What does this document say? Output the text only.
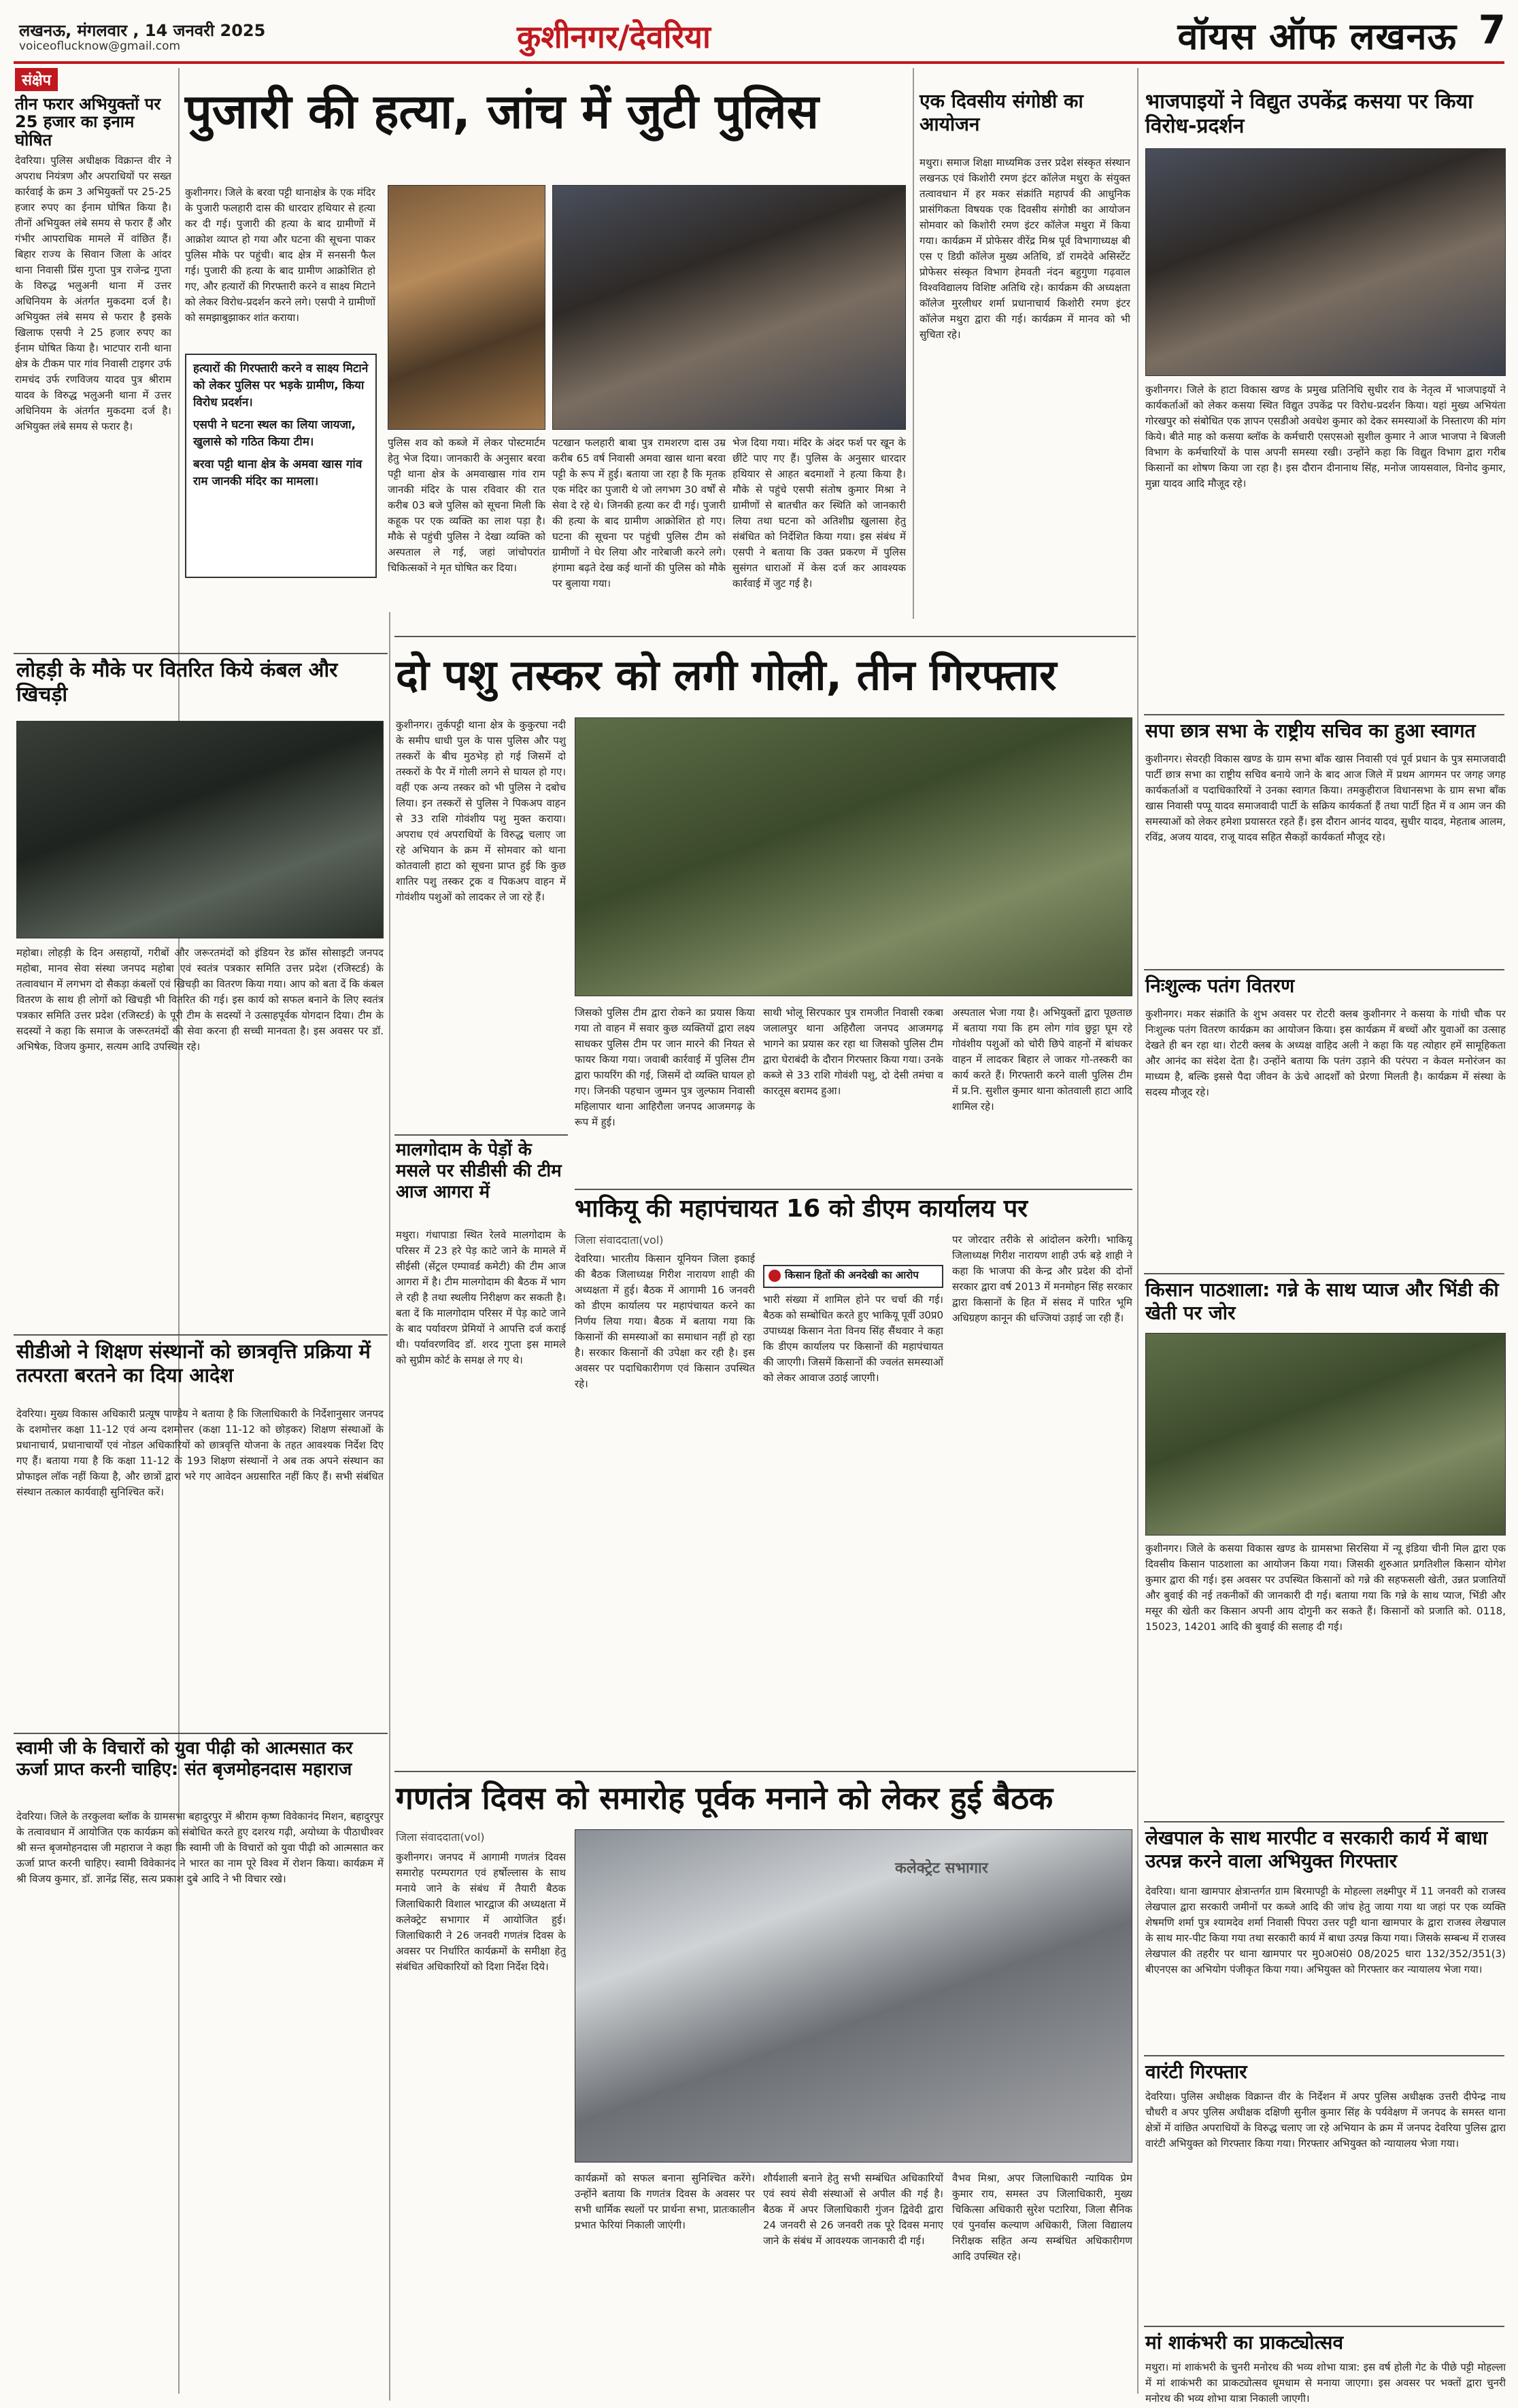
लखनऊ, मंगलवार , 14 जनवरी 2025
voiceoflucknow@gmail.com	कुशीनगर/देवरिया	वॉयस ऑफ लखनऊ 7
संक्षेप
तीन फरार अभियुक्तों पर 25 हजार का इनाम घोषित
देवरिया। पुलिस अधीक्षक विक्रान्त वीर ने अपराध नियंत्रण और अपराधियों पर सख्त कार्रवाई के क्रम 3 अभियुक्तों पर 25-25 हजार रुपए का ईनाम घोषित किया है। तीनों अभियुक्त लंबे समय से फरार हैं और गंभीर आपराधिक मामले में वांछित हैं। बिहार राज्य के सिवान जिला के आंदर थाना निवासी प्रिंस गुप्ता पुत्र राजेन्द्र गुप्ता के विरुद्ध भलुअनी थाना में उत्तर अधिनियम के अंतर्गत मुकदमा दर्ज है। अभियुक्त लंबे समय से फरार है इसके खिलाफ एसपी ने 25 हजार रुपए का ईनाम घोषित किया है। भाटपार रानी थाना क्षेत्र के टीकम पार गांव निवासी टाइगर उर्फ रामचंद उर्फ रणविजय यादव पुत्र श्रीराम यादव के विरुद्ध भलुअनी थाना में उत्तर अधिनियम के अंतर्गत मुकदमा दर्ज है। अभियुक्त लंबे समय से फरार है।
पुजारी की हत्या, जांच में जुटी पुलिस
कुशीनगर। जिले के बरवा पट्टी थानाक्षेत्र के एक मंदिर के पुजारी फलहारी दास की धारदार हथियार से हत्या कर दी गई। पुजारी की हत्या के बाद ग्रामीणों में आक्रोश व्याप्त हो गया और घटना की सूचना पाकर पुलिस मौके पर पहुंची। बाद क्षेत्र में सनसनी फैल गई। पुजारी की हत्या के बाद ग्रामीण आक्रोशित हो गए, और हत्यारों की गिरफ्तारी करने व साक्ष्य मिटाने को लेकर विरोध-प्रदर्शन करने लगे। एसपी ने ग्रामीणों को समझाबुझाकर शांत कराया।
हत्यारों की गिरफ्तारी करने व साक्ष्य मिटाने को लेकर पुलिस पर भड़के ग्रामीण, किया विरोध प्रदर्शन।
एसपी ने घटना स्थल का लिया जायजा, खुलासे को गठित किया टीम।
बरवा पट्टी थाना क्षेत्र के अमवा खास गांव राम जानकी मंदिर का मामला।
पुलिस शव को कब्जे में लेकर पोस्टमार्टम हेतु भेज दिया। जानकारी के अनुसार बरवा पट्टी थाना क्षेत्र के अमवाखास गांव राम जानकी मंदिर के पास रविवार की रात करीब 03 बजे पुलिस को सूचना मिली कि कहूक पर एक व्यक्ति का लाश पड़ा है। मौके से पहुंची पुलिस ने देखा व्यक्ति को अस्पताल ले गई, जहां जांचोपरांत चिकित्सकों ने मृत घोषित कर दिया।
पटखान फलहारी बाबा पुत्र रामशरण दास उम्र करीब 65 वर्ष निवासी अमवा खास थाना बरवा पट्टी के रूप में हुई। बताया जा रहा है कि मृतक एक मंदिर का पुजारी थे जो लगभग 30 वर्षों से सेवा दे रहे थे। जिनकी हत्या कर दी गई। पुजारी की हत्या के बाद ग्रामीण आक्रोशित हो गए। घटना की सूचना पर पहुंची पुलिस टीम को ग्रामीणों ने घेर लिया और नारेबाजी करने लगे। हंगामा बढ़ते देख कई थानों की पुलिस को मौके पर बुलाया गया।
भेज दिया गया। मंदिर के अंदर फर्श पर खून के छींटे पाए गए हैं। पुलिस के अनुसार धारदार हथियार से आहत बदमाशों ने हत्या किया है। मौके से पहुंचे एसपी संतोष कुमार मिश्रा ने ग्रामीणों से बातचीत कर स्थिति को जानकारी लिया तथा घटना को अतिशीघ्र खुलासा हेतु संबंधित को निर्देशित किया गया। इस संबंध में एसपी ने बताया कि उक्त प्रकरण में पुलिस सुसंगत धाराओं में केस दर्ज कर आवश्यक कार्रवाई में जुट गई है।
एक दिवसीय संगोष्ठी का आयोजन
मथुरा। समाज शिक्षा माध्यमिक उत्तर प्रदेश संस्कृत संस्थान लखनऊ एवं किशोरी रमण इंटर कॉलेज मथुरा के संयुक्त तत्वावधान में हर मकर संक्रांति महापर्व की आधुनिक प्रासंगिकता विषयक एक दिवसीय संगोष्ठी का आयोजन सोमवार को किशोरी रमण इंटर कॉलेज मथुरा में किया गया। कार्यक्रम में प्रोफेसर वीरेंद्र मिश्र पूर्व विभागाध्यक्ष बी एस ए डिग्री कॉलेज मुख्य अतिथि, डॉ रामदेवे असिस्टेंट प्रोफेसर संस्कृत विभाग हेमवती नंदन बहुगुणा गढ़वाल विश्वविद्यालय विशिष्ट अतिथि रहे। कार्यक्रम की अध्यक्षता कॉलेज मुरलीधर शर्मा प्रधानाचार्य किशोरी रमण इंटर कॉलेज मथुरा द्वारा की गई। कार्यक्रम में मानव को भी सुचिता रहे।
भाजपाइयों ने विद्युत उपकेंद्र कसया पर किया विरोध-प्रदर्शन
कुशीनगर। जिले के हाटा विकास खण्ड के प्रमुख प्रतिनिधि सुधीर राव के नेतृत्व में भाजपाइयों ने कार्यकर्ताओं को लेकर कसया स्थित विद्युत उपकेंद्र पर विरोध-प्रदर्शन किया। यहां मुख्य अभियंता गोरखपुर को संबोधित एक ज्ञापन एसडीओ अवधेश कुमार को देकर समस्याओं के निस्तारण की मांग किये। बीते माह को कसया ब्लॉक के कर्मचारी एसएसओ सुशील कुमार ने आज भाजपा ने बिजली विभाग के कर्मचारियों के पास अपनी समस्या रखी। उन्होंने कहा कि विद्युत विभाग द्वारा गरीब किसानों का शोषण किया जा रहा है। इस दौरान दीनानाथ सिंह, मनोज जायसवाल, विनोद कुमार, मुन्ना यादव आदि मौजूद रहे।
सपा छात्र सभा के राष्ट्रीय सचिव का हुआ स्वागत
कुशीनगर। सेवरही विकास खण्ड के ग्राम सभा बाँक खास निवासी एवं पूर्व प्रधान के पुत्र समाजवादी पार्टी छात्र सभा का राष्ट्रीय सचिव बनाये जाने के बाद आज जिले में प्रथम आगमन पर जगह जगह कार्यकर्ताओं व पदाधिकारियों ने उनका स्वागत किया। तमकुहीराज विधानसभा के ग्राम सभा बाँक खास निवासी पप्पू यादव समाजवादी पार्टी के सक्रिय कार्यकर्ता हैं तथा पार्टी हित में व आम जन की समस्याओं को लेकर हमेशा प्रयासरत रहते हैं। इस दौरान आनंद यादव, सुधीर यादव, मेहताब आलम, रविंद्र, अजय यादव, राजू यादव सहित सैकड़ों कार्यकर्ता मौजूद रहे।
निःशुल्क पतंग वितरण
कुशीनगर। मकर संक्रांति के शुभ अवसर पर रोटरी क्लब कुशीनगर ने कसया के गांधी चौक पर निःशुल्क पतंग वितरण कार्यक्रम का आयोजन किया। इस कार्यक्रम में बच्चों और युवाओं का उत्साह देखते ही बन रहा था। रोटरी क्लब के अध्यक्ष वाहिद अली ने कहा कि यह त्योहार हमें सामूहिकता और आनंद का संदेश देता है। उन्होंने बताया कि पतंग उड़ाने की परंपरा न केवल मनोरंजन का माध्यम है, बल्कि इससे पैदा जीवन के ऊंचे आदर्शों को प्रेरणा मिलती है। कार्यक्रम में संस्था के सदस्य मौजूद रहे।
किसान पाठशाला: गन्ने के साथ प्याज और भिंडी की खेती पर जोर
कुशीनगर। जिले के कसया विकास खण्ड के ग्रामसभा सिरसिया में न्यू इंडिया चीनी मिल द्वारा एक दिवसीय किसान पाठशाला का आयोजन किया गया। जिसकी शुरुआत प्रगतिशील किसान योगेश कुमार द्वारा की गई। इस अवसर पर उपस्थित किसानों को गन्ने की सहफसली खेती, उन्नत प्रजातियों और बुवाई की नई तकनीकों की जानकारी दी गई। बताया गया कि गन्ने के साथ प्याज, भिंडी और मसूर की खेती कर किसान अपनी आय दोगुनी कर सकते हैं। किसानों को प्रजाति को. 0118, 15023, 14201 आदि की बुवाई की सलाह दी गई।
लेखपाल के साथ मारपीट व सरकारी कार्य में बाधा उत्पन्न करने वाला अभियुक्त गिरफ्तार
देवरिया। थाना खामपार क्षेत्रान्तर्गत ग्राम बिरमापट्टी के मोहल्ला लक्ष्मीपुर में 11 जनवरी को राजस्व लेखपाल द्वारा सरकारी जमीनों पर कब्जे आदि की जांच हेतु जाया गया था जहां पर एक व्यक्ति शेषमणि शर्मा पुत्र श्यामदेव शर्मा निवासी पिपरा उत्तर पट्टी थाना खामपार के द्वारा राजस्व लेखपाल के साथ मार-पीट किया गया तथा सरकारी कार्य में बाधा उत्पन्न किया गया। जिसके सम्बन्ध में राजस्व लेखपाल की तहरीर पर थाना खामपार पर मु0अ0सं0 08/2025 धारा 132/352/351(3) बीएनएस का अभियोग पंजीकृत किया गया। अभियुक्त को गिरफ्तार कर न्यायालय भेजा गया।
वारंटी गिरफ्तार
देवरिया। पुलिस अधीक्षक विक्रान्त वीर के निर्देशन में अपर पुलिस अधीक्षक उत्तरी दीपेन्द्र नाथ चौधरी व अपर पुलिस अधीक्षक दक्षिणी सुनील कुमार सिंह के पर्यवेक्षण में जनपद के समस्त थाना क्षेत्रों में वांछित अपराधियों के विरुद्ध चलाए जा रहे अभियान के क्रम में जनपद देवरिया पुलिस द्वारा वारंटी अभियुक्त को गिरफ्तार किया गया। गिरफ्तार अभियुक्त को न्यायालय भेजा गया।
मां शाकंभरी का प्राकट्योत्सव
मथुरा। मां शाकंभरी के चुनरी मनोरथ की भव्य शोभा यात्रा: इस वर्ष होली गेट के पीछे पट्टी मोहल्ला में मां शाकंभरी का प्राकट्योत्सव धूमधाम से मनाया जाएगा। इस अवसर पर भक्तों द्वारा चुनरी मनोरथ की भव्य शोभा यात्रा निकाली जाएगी।
लोहड़ी के मौके पर वितरित किये कंबल और खिचड़ी
महोबा। लोहड़ी के दिन असहायों, गरीबों और जरूरतमंदों को इंडियन रेड क्रॉस सोसाइटी जनपद महोबा, मानव सेवा संस्था जनपद महोबा एवं स्वतंत्र पत्रकार समिति उत्तर प्रदेश (रजिस्टर्ड) के तत्वावधान में लगभग दो सैकड़ा कंबलों एवं खिचड़ी का वितरण किया गया। आप को बता दें कि कंबल वितरण के साथ ही लोगों को खिचड़ी भी वितरित की गई। इस कार्य को सफल बनाने के लिए स्वतंत्र पत्रकार समिति उत्तर प्रदेश (रजिस्टर्ड) के पूरी टीम के सदस्यों ने उत्साहपूर्वक योगदान दिया। टीम के सदस्यों ने कहा कि समाज के जरूरतमंदों की सेवा करना ही सच्ची मानवता है। इस अवसर पर डॉ. अभिषेक, विजय कुमार, सत्यम आदि उपस्थित रहे।
सीडीओ ने शिक्षण संस्थानों को छात्रवृत्ति प्रक्रिया में तत्परता बरतने का दिया आदेश
देवरिया। मुख्य विकास अधिकारी प्रत्यूष पाण्डेय ने बताया है कि जिलाधिकारी के निर्देशानुसार जनपद के दशमोत्तर कक्षा 11-12 एवं अन्य दशमोत्तर (कक्षा 11-12 को छोड़कर) शिक्षण संस्थाओं के प्रधानाचार्य, प्रधानाचार्यों एवं नोडल अधिकारियों को छात्रवृत्ति योजना के तहत आवश्यक निर्देश दिए गए हैं। बताया गया है कि कक्षा 11-12 के 193 शिक्षण संस्थानों ने अब तक अपने संस्थान का प्रोफाइल लॉक नहीं किया है, और छात्रों द्वारा भरे गए आवेदन अग्रसारित नहीं किए हैं। सभी संबंधित संस्थान तत्काल कार्यवाही सुनिश्चित करें।
स्वामी जी के विचारों को युवा पीढ़ी को आत्मसात कर ऊर्जा प्राप्त करनी चाहिए: संत बृजमोहनदास महाराज
देवरिया। जिले के तरकुलवा ब्लॉक के ग्रामसभा बहादुरपुर में श्रीराम कृष्ण विवेकानंद मिशन, बहादुरपुर के तत्वावधान में आयोजित एक कार्यक्रम को संबोधित करते हुए दशरथ गढ़ी, अयोध्या के पीठाधीश्वर श्री सन्त बृजमोहनदास जी महाराज ने कहा कि स्वामी जी के विचारों को युवा पीढ़ी को आत्मसात कर ऊर्जा प्राप्त करनी चाहिए। स्वामी विवेकानंद ने भारत का नाम पूरे विश्व में रोशन किया। कार्यक्रम में श्री विजय कुमार, डॉ. ज्ञानेंद्र सिंह, सत्य प्रकाश दुबे आदि ने भी विचार रखे।
दो पशु तस्कर को लगी गोली, तीन गिरफ्तार
कुशीनगर। तुर्कपट्टी थाना क्षेत्र के कुकुरघा नदी के समीप धाधी पुल के पास पुलिस और पशु तस्करों के बीच मुठभेड़ हो गई जिसमें दो तस्करों के पैर में गोली लगने से घायल हो गए। वहीं एक अन्य तस्कर को भी पुलिस ने दबोच लिया। इन तस्करों से पुलिस ने पिकअप वाहन से 33 राशि गोवंशीय पशु मुक्त कराया। अपराध एवं अपराधियों के विरुद्ध चलाए जा रहे अभियान के क्रम में सोमवार को थाना कोतवाली हाटा को सूचना प्राप्त हुई कि कुछ शातिर पशु तस्कर ट्रक व पिकअप वाहन में गोवंशीय पशुओं को लादकर ले जा रहे हैं।
जिसको पुलिस टीम द्वारा रोकने का प्रयास किया गया तो वाहन में सवार कुछ व्यक्तियों द्वारा लक्ष्य साधकर पुलिस टीम पर जान मारने की नियत से फायर किया गया। जवाबी कार्रवाई में पुलिस टीम द्वारा फायरिंग की गई, जिसमें दो व्यक्ति घायल हो गए। जिनकी पहचान जुम्मन पुत्र जुल्फाम निवासी महिलापार थाना आहिरौला जनपद आजमगढ़ के रूप में हुई।
साथी भोलू सिरपकार पुत्र रामजीत निवासी रकबा जलालपुर थाना अहिरौला जनपद आजमगढ़ भागने का प्रयास कर रहा था जिसको पुलिस टीम द्वारा घेराबंदी के दौरान गिरफ्तार किया गया। उनके कब्जे से 33 राशि गोवंशी पशु, दो देसी तमंचा व कारतूस बरामद हुआ।
अस्पताल भेजा गया है। अभियुक्तों द्वारा पूछताछ में बताया गया कि हम लोग गांव छुट्टा घूम रहे गोवंशीय पशुओं को चोरी छिपे वाहनों में बांधकर वाहन में लादकर बिहार ले जाकर गो-तस्करी का कार्य करते हैं। गिरफ्तारी करने वाली पुलिस टीम में प्र.नि. सुशील कुमार थाना कोतवाली हाटा आदि शामिल रहे।
मालगोदाम के पेड़ों के मसले पर सीडीसी की टीम आज आगरा में
मथुरा। गंधापाडा स्थित रेलवे मालगोदाम के परिसर में 23 हरे पेड़ काटे जाने के मामले में सीईसी (सेंट्रल एम्पावर्ड कमेटी) की टीम आज आगरा में है। टीम मालगोदाम की बैठक में भाग ले रही है तथा स्थलीय निरीक्षण कर सकती है। बता दें कि मालगोदाम परिसर में पेड़ काटे जाने के बाद पर्यावरण प्रेमियों ने आपत्ति दर्ज कराई थी। पर्यावरणविद डॉ. शरद गुप्ता इस मामले को सुप्रीम कोर्ट के समक्ष ले गए थे।
भाकियू की महापंचायत 16 को डीएम कार्यालय पर
जिला संवाददाता(vol)
देवरिया। भारतीय किसान यूनियन जिला इकाई की बैठक जिलाध्यक्ष गिरीश नारायण शाही की अध्यक्षता में हुई। बैठक में आगामी 16 जनवरी को डीएम कार्यालय पर महापंचायत करने का निर्णय लिया गया। बैठक में बताया गया कि किसानों की समस्याओं का समाधान नहीं हो रहा है। सरकार किसानों की उपेक्षा कर रही है। इस अवसर पर पदाधिकारीगण एवं किसान उपस्थित रहे।
किसान हितों की अनदेखी का आरोप
भारी संख्या में शामिल होने पर चर्चा की गई। बैठक को सम्बोधित करते हुए भाकियू पूर्वी उ0प्र0 उपाध्यक्ष किसान नेता विनय सिंह सैंथवार ने कहा कि डीएम कार्यालय पर किसानों की महापंचायत की जाएगी। जिसमें किसानों की ज्वलंत समस्याओं को लेकर आवाज उठाई जाएगी।
पर जोरदार तरीके से आंदोलन करेगी। भाकियू जिलाध्यक्ष गिरीश नारायण शाही उर्फ बड़े शाही ने कहा कि भाजपा की केन्द्र और प्रदेश की दोनों सरकार द्वारा वर्ष 2013 में मनमोहन सिंह सरकार द्वारा किसानों के हित में संसद में पारित भूमि अधिग्रहण कानून की धज्जियां उड़ाई जा रही हैं।
गणतंत्र दिवस को समारोह पूर्वक मनाने को लेकर हुई बैठक
जिला संवाददाता(vol)
कुशीनगर। जनपद में आगामी गणतंत्र दिवस समारोह परम्परागत एवं हर्षोल्लास के साथ मनाये जाने के संबंध में तैयारी बैठक जिलाधिकारी विशाल भारद्वाज की अध्यक्षता में कलेक्ट्रेट सभागार में आयोजित हुई। जिलाधिकारी ने 26 जनवरी गणतंत्र दिवस के अवसर पर निर्धारित कार्यक्रमों के समीक्षा हेतु संबंधित अधिकारियों को दिशा निर्देश दिये।
कलेक्ट्रेट सभागार
कार्यक्रमों को सफल बनाना सुनिश्चित करेंगे। उन्होंने बताया कि गणतंत्र दिवस के अवसर पर सभी धार्मिक स्थलों पर प्रार्थना सभा, प्रातःकालीन प्रभात फेरियां निकाली जाएंगी।
शौर्यशाली बनाने हेतु सभी सम्बंधित अधिकारियों एवं स्वयं सेवी संस्थाओं से अपील की गई है। बैठक में अपर जिलाधिकारी गुंजन द्विवेदी द्वारा 24 जनवरी से 26 जनवरी तक पूरे दिवस मनाए जाने के संबंध में आवश्यक जानकारी दी गई।
वैभव मिश्रा, अपर जिलाधिकारी न्यायिक प्रेम कुमार राय, समस्त उप जिलाधिकारी, मुख्य चिकित्सा अधिकारी सुरेश पटारिया, जिला सैनिक एवं पुनर्वास कल्याण अधिकारी, जिला विद्यालय निरीक्षक सहित अन्य सम्बंधित अधिकारीगण आदि उपस्थित रहे।
